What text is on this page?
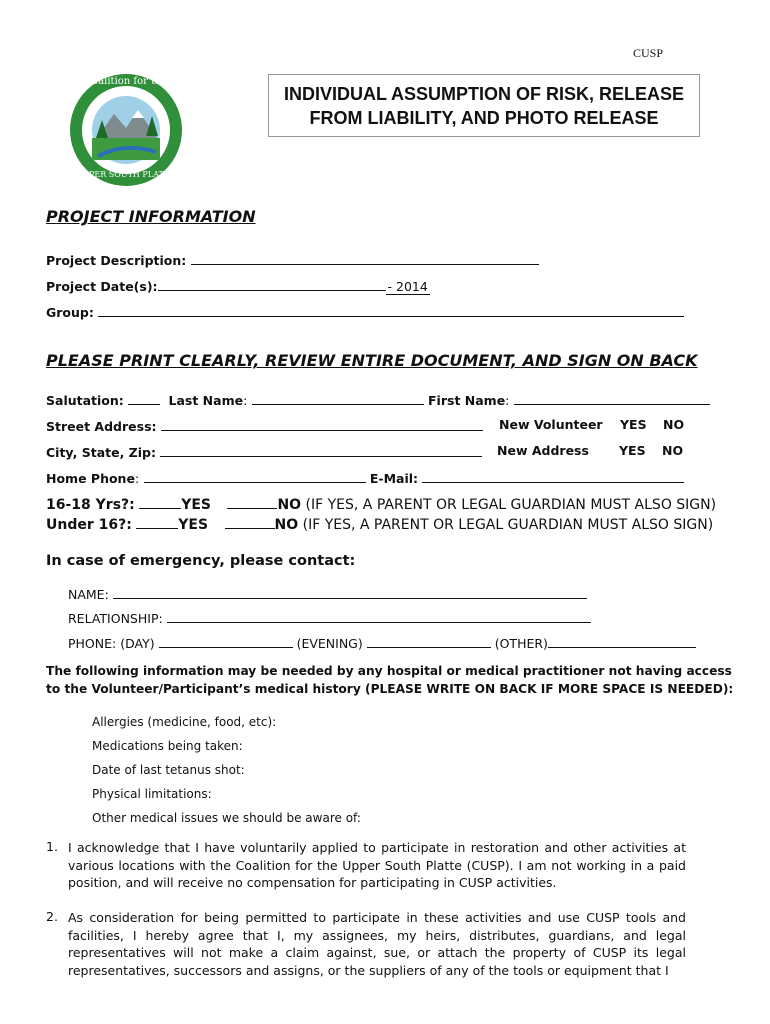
CUSP
Coalition for the
UPPER SOUTH PLATTE
INDIVIDUAL ASSUMPTION OF RISK, RELEASE
FROM LIABILITY, AND PHOTO RELEASE
PROJECT INFORMATION
Project Description:
Project Date(s):	- 2014
Group:
PLEASE PRINT CLEARLY, REVIEW ENTIRE DOCUMENT, AND SIGN ON BACK
Salutation:	Last Name:	First Name:
Street Address:	New Volunteer YES NO
City, State, Zip:	New Address YES NO
Home Phone:	E-Mail:
16-18 Yrs?:	YES	NO (IF YES, A PARENT OR LEGAL GUARDIAN MUST ALSO SIGN)
Under 16?:	YES	NO (IF YES, A PARENT OR LEGAL GUARDIAN MUST ALSO SIGN)
In case of emergency, please contact:
NAME:
RELATIONSHIP:
PHONE: (DAY)	(EVENING)	(OTHER)
The following information may be needed by any hospital or medical practitioner not having access
to the Volunteer/Participant’s medical history (PLEASE WRITE ON BACK IF MORE SPACE IS NEEDED):
Allergies (medicine, food, etc):
Medications being taken:
Date of last tetanus shot:
Physical limitations:
Other medical issues we should be aware of:
1. I acknowledge that I have voluntarily applied to participate in restoration and other activities at various locations with the Coalition for the Upper South Platte (CUSP). I am not working in a paid position, and will receive no compensation for participating in CUSP activities.
2. As consideration for being permitted to participate in these activities and use CUSP tools and facilities, I hereby agree that I, my assignees, my heirs, distributes, guardians, and legal representatives will not make a claim against, sue, or attach the property of CUSP its legal representatives, successors and assigns, or the suppliers of any of the tools or equipment that I
